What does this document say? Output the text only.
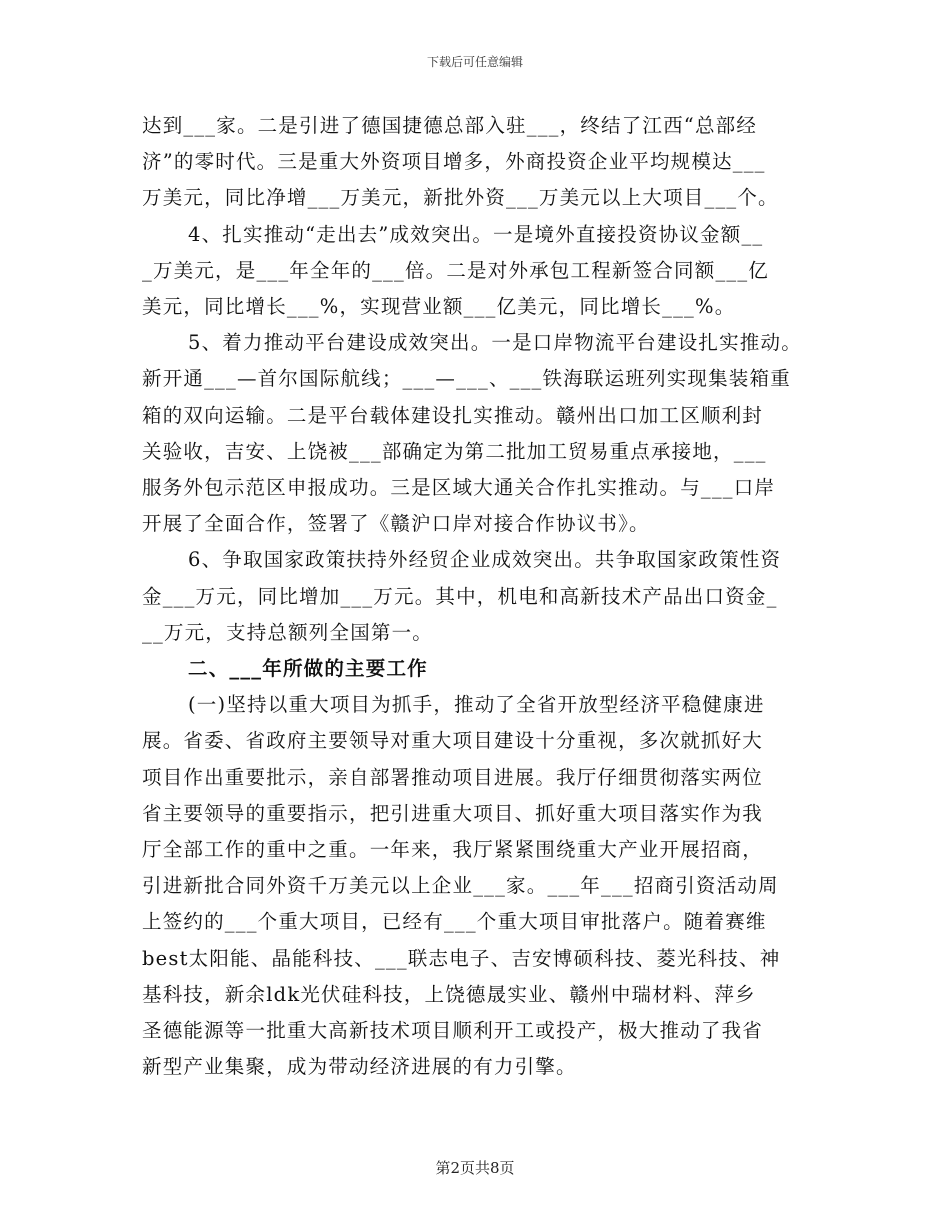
下载后可任意编辑
达到___家。二是引进了德国捷德总部入驻___，终结了江西“总部经
济”的零时代。三是重大外资项目增多，外商投资企业平均规模达___
万美元，同比净增___万美元，新批外资___万美元以上大项目___个。
4、扎实推动“走出去”成效突出。一是境外直接投资协议金额__
_万美元，是___年全年的___倍。二是对外承包工程新签合同额___亿
美元，同比增长___%，实现营业额___亿美元，同比增长___%。
5、着力推动平台建设成效突出。一是口岸物流平台建设扎实推动。
新开通___—首尔国际航线；___—___、___铁海联运班列实现集装箱重
箱的双向运输。二是平台载体建设扎实推动。赣州出口加工区顺利封
关验收，吉安、上饶被___部确定为第二批加工贸易重点承接地，___
服务外包示范区申报成功。三是区域大通关合作扎实推动。与___口岸
开展了全面合作，签署了《赣沪口岸对接合作协议书》。
6、争取国家政策扶持外经贸企业成效突出。共争取国家政策性资
金___万元，同比增加___万元。其中，机电和高新技术产品出口资金_
__万元，支持总额列全国第一。
二、___年所做的主要工作
(一)坚持以重大项目为抓手，推动了全省开放型经济平稳健康进
展。省委、省政府主要领导对重大项目建设十分重视，多次就抓好大
项目作出重要批示，亲自部署推动项目进展。我厅仔细贯彻落实两位
省主要领导的重要指示，把引进重大项目、抓好重大项目落实作为我
厅全部工作的重中之重。一年来，我厅紧紧围绕重大产业开展招商，
引进新批合同外资千万美元以上企业___家。___年___招商引资活动周
上签约的___个重大项目，已经有___个重大项目审批落户。随着赛维
best太阳能、晶能科技、___联志电子、吉安博硕科技、菱光科技、神
基科技，新余ldk光伏硅科技，上饶德晟实业、赣州中瑞材料、萍乡
圣德能源等一批重大高新技术项目顺利开工或投产，极大推动了我省
新型产业集聚，成为带动经济进展的有力引擎。
第2页共8页
